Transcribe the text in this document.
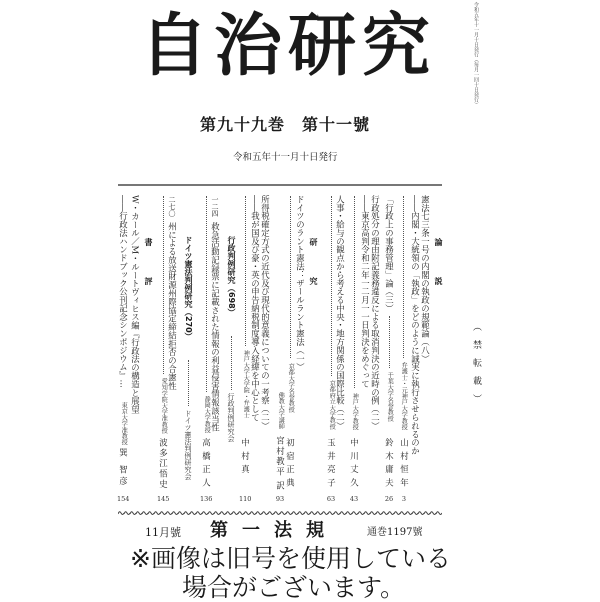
自治研究
第九十九巻　第十一號
令和五年十一月十日発行
令和五年十一月十日発行（毎月一回十日発行）
（禁転載）
論説
研究
書評	憲法七三条一号の内閣の執政の規範論（八）
――内閣・大統領の「執政」をどのように誠実に執行させられるのか
弁護士・元神戸大学教授
山村恒年
3
「行政上の事務管理」論（三）
千葉大学名誉教授
鈴木庸夫
26
行政処分の理由附記義務違反による取消判決の近時の例（二）
――東京高判令和二年一二月一一日判決をめぐって
神戸大学教授
中川丈久
43
人事・給与の観点から考える中央・地方関係の国際比較（二）
京都府立大学教授
玉井亮子
63
ドイツのラント憲法：ザールラント憲法（一）
京都大学名誉教授
初宿正典
佛教大学講師
宮村教平
訳
93
所得税確定方式の近代及び現代的意義についての一考察（二）
――我が国及び豪・英の申告納税制度導入経緯を中心として
神戸大学大学院・弁護士
中村真
110
行政判例研究（698）
行政判例研究会
一二四
救急活動記録票に記載された情報の利益侵害情報該当性
静岡大学教授
高橋正人
136
ドイツ憲法判例研究（270）
ドイツ憲法判例研究会
二七〇
州による放送財源州際協定締結拒否の合憲性
愛知学院大学准教授
波多江悟史
145
W・カール／M・ルートヴィヒス編『行政法の構造と展望
――行政法ハンドブック公刊記念シンポジウム』…
東京大学准教授
巽 智彦
154
11月號 第一法規	通巻1197號
※画像は旧号を使用している
場合がございます。
